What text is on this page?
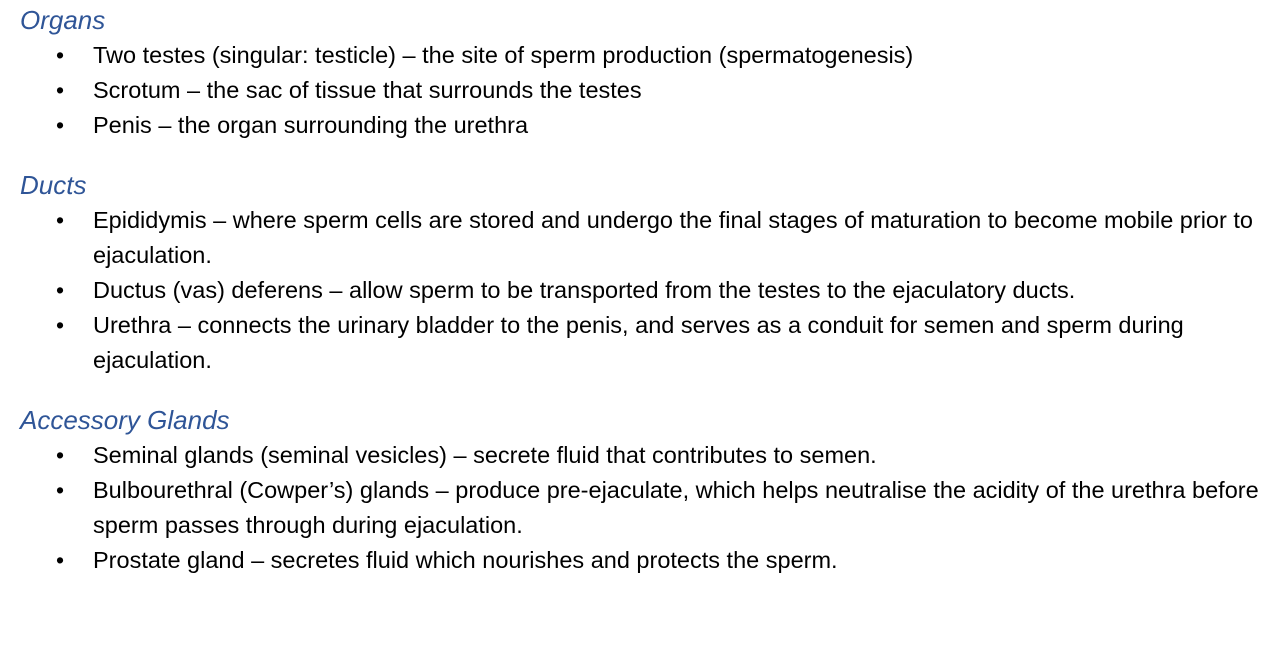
Organs
• Two testes (singular: testicle) – the site of sperm production (spermatogenesis)
• Scrotum – the sac of tissue that surrounds the testes
• Penis – the organ surrounding the urethra
Ducts
• Epididymis – where sperm cells are stored and undergo the final stages of maturation to become mobile prior to ejaculation.
• Ductus (vas) deferens – allow sperm to be transported from the testes to the ejaculatory ducts.
• Urethra – connects the urinary bladder to the penis, and serves as a conduit for semen and sperm during ejaculation.
Accessory Glands
• Seminal glands (seminal vesicles) – secrete fluid that contributes to semen.
• Bulbourethral (Cowper’s) glands – produce pre-ejaculate, which helps neutralise the acidity of the urethra before sperm passes through during ejaculation.
• Prostate gland – secretes fluid which nourishes and protects the sperm.
